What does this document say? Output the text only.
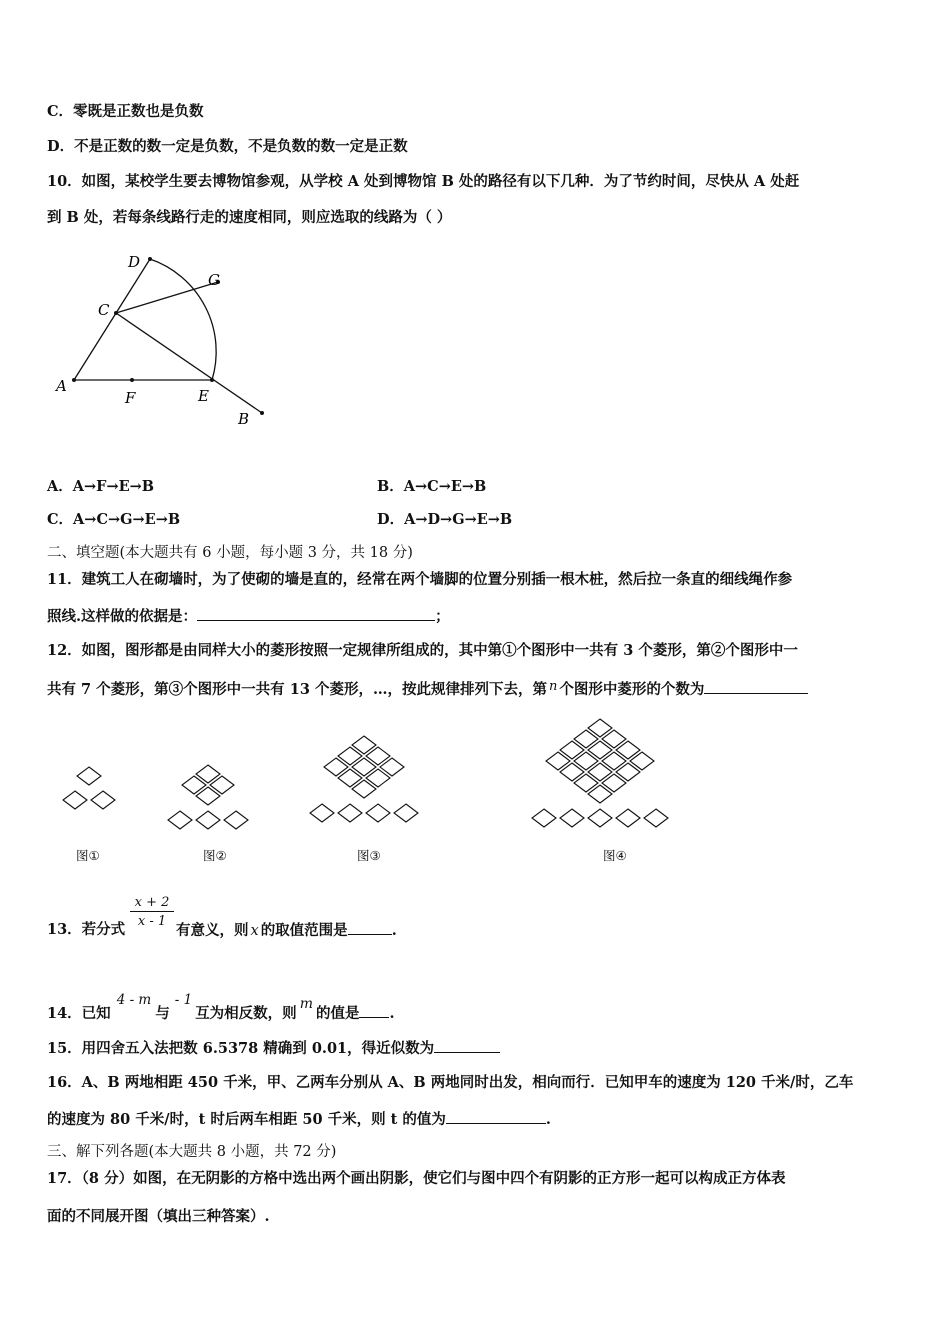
C．零既是正数也是负数
D．不是正数的数一定是负数，不是负数的数一定是正数
10．如图，某校学生要去博物馆参观，从学校 A 处到博物馆 B 处的路径有以下几种．为了节约时间，尽快从 A 处赶
到 B 处，若每条线路行走的速度相同，则应选取的线路为（ ）
D
G
C
A
F	E
B
A．A→F→E→B	B．A→C→E→B
C．A→C→G→E→B	D．A→D→G→E→B
二、填空题(本大题共有 6 小题，每小题 3 分，共 18 分)
11．建筑工人在砌墙时，为了使砌的墙是直的，经常在两个墙脚的位置分别插一根木桩，然后拉一条直的细线绳作参
照线.这样做的依据是：	；
12．如图，图形都是由同样大小的菱形按照一定规律所组成的，其中第①个图形中一共有 3 个菱形，第②个图形中一
共有 7 个菱形，第③个图形中一共有 13 个菱形，…，按此规律排列下去，第 n 个图形中菱形的个数为
图①	图②	图③	图④
13．若分式
$\frac{x + 2}{x - 1}$
有意义，则 x 的取值范围是	.
14．已知4 - m与- 1互为相反数，则m的值是 .
15．用四舍五入法把数 6.5378 精确到 0.01，得近似数为
16．A、B 两地相距 450 千米，甲、乙两车分别从 A、B 两地同时出发，相向而行．已知甲车的速度为 120 千米/时，乙车
的速度为 80 千米/时，t 时后两车相距 50 千米，则 t 的值为	.
三、解下列各题(本大题共 8 小题，共 72 分)
17．（8 分）如图，在无阴影的方格中选出两个画出阴影，使它们与图中四个有阴影的正方形一起可以构成正方体表
面的不同展开图（填出三种答案）.
